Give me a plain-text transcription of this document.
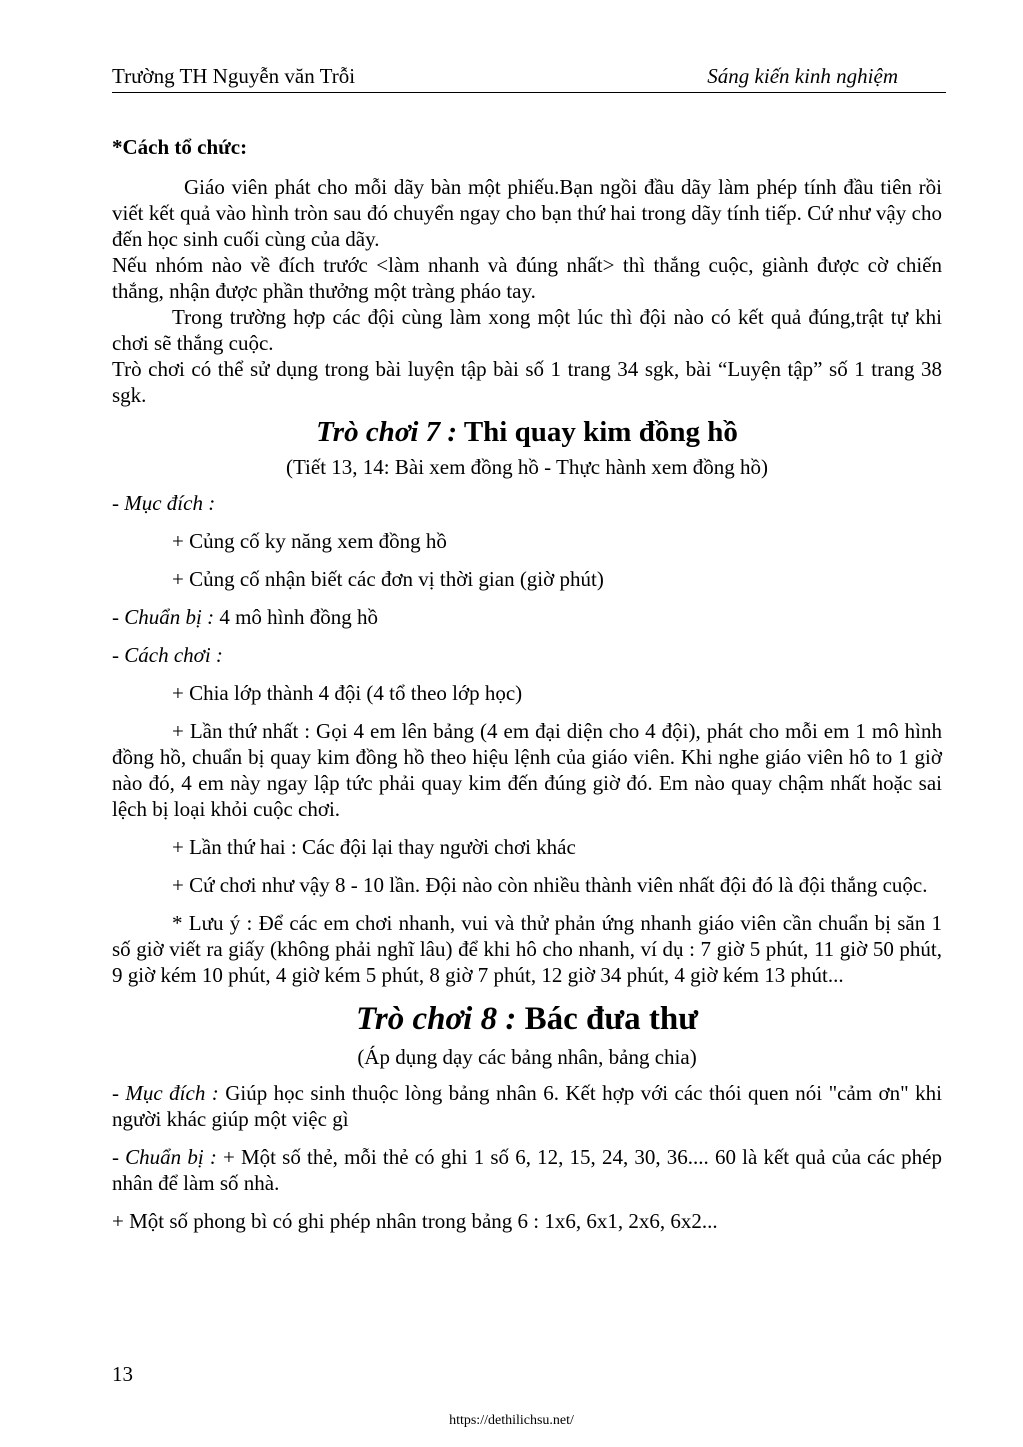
Trường TH Nguyễn văn Trỗi	Sáng kiến kinh nghiệm

*Cách tổ chức:

Giáo viên phát cho mỗi dãy bàn một phiếu.Bạn ngồi đầu dãy làm phép tính đầu tiên rồi viết kết quả vào hình tròn sau đó chuyển ngay cho bạn thứ hai trong dãy tính tiếp. Cứ như vậy cho đến học sinh cuối cùng của dãy.

Nếu nhóm nào về đích trước <làm nhanh và đúng nhất> thì thắng cuộc, giành được cờ chiến thắng, nhận được phần thưởng một tràng pháo tay.

Trong trường hợp các đội cùng làm xong một lúc thì đội nào có kết quả đúng,trật tự khi chơi sẽ thắng cuộc.

Trò chơi có thể sử dụng trong bài luyện tập bài số 1 trang 34 sgk, bài “Luyện tập” số 1 trang 38 sgk.

Trò chơi 7 : Thi quay kim đồng hồ

(Tiết 13, 14: Bài xem đồng hồ - Thực hành xem đồng hồ)

- Mục đích :

+ Củng cố ky năng xem đồng hồ

+ Củng cố nhận biết các đơn vị thời gian (giờ phút)

- Chuẩn bị : 4 mô hình đồng hồ

- Cách chơi :

+ Chia lớp thành 4 đội (4 tổ theo lớp học)

+ Lần thứ nhất : Gọi 4 em lên bảng (4 em đại diện cho 4 đội), phát cho mỗi em 1 mô hình đồng hồ, chuẩn bị quay kim đồng hồ theo hiệu lệnh của giáo viên. Khi nghe giáo viên hô to 1 giờ nào đó, 4 em này ngay lập tức phải quay kim đến đúng giờ đó. Em nào quay chậm nhất hoặc sai lệch bị loại khỏi cuộc chơi.

+ Lần thứ hai : Các đội lại thay người chơi khác

+ Cứ chơi như vậy 8 - 10 lần. Đội nào còn nhiều thành viên nhất đội đó là đội thắng cuộc.

* Lưu ý : Để các em chơi nhanh, vui và thử phản ứng nhanh giáo viên cần chuẩn bị săn 1 số giờ viết ra giấy (không phải nghĩ lâu) để khi hô cho nhanh, ví dụ : 7 giờ 5 phút, 11 giờ 50 phút, 9 giờ kém 10 phút, 4 giờ kém 5 phút, 8 giờ 7 phút, 12 giờ 34 phút, 4 giờ kém 13 phút...

Trò chơi 8 : Bác đưa thư

(Áp dụng dạy các bảng nhân, bảng chia)

- Mục đích : Giúp học sinh thuộc lòng bảng nhân 6. Kết hợp với các thói quen nói "cảm ơn" khi người khác giúp một việc gì

- Chuẩn bị : + Một số thẻ, mỗi thẻ có ghi 1 số 6, 12, 15, 24, 30, 36.... 60 là kết quả của các phép nhân để làm số nhà.

+ Một số phong bì có ghi phép nhân trong bảng 6 : 1x6, 6x1, 2x6, 6x2...

13
https://dethilichsu.net/
